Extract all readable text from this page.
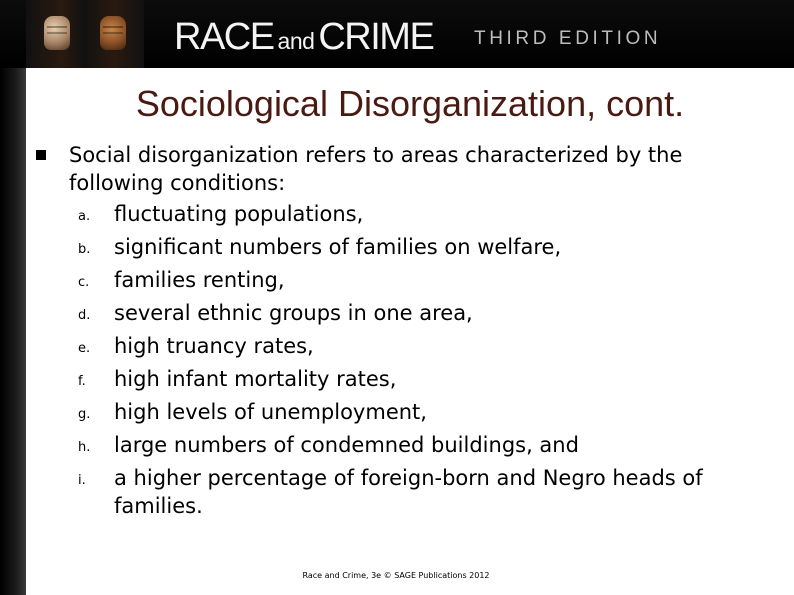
RACE and CRIME THIRD EDITION
Sociological Disorganization, cont.
Social disorganization refers to areas characterized by the following conditions:
a. fluctuating populations,
b. significant numbers of families on welfare,
c. families renting,
d. several ethnic groups in one area,
e. high truancy rates,
f. high infant mortality rates,
g. high levels of unemployment,
h. large numbers of condemned buildings, and
i. a higher percentage of foreign-born and Negro heads of families.
Race and Crime, 3e © SAGE Publications 2012
